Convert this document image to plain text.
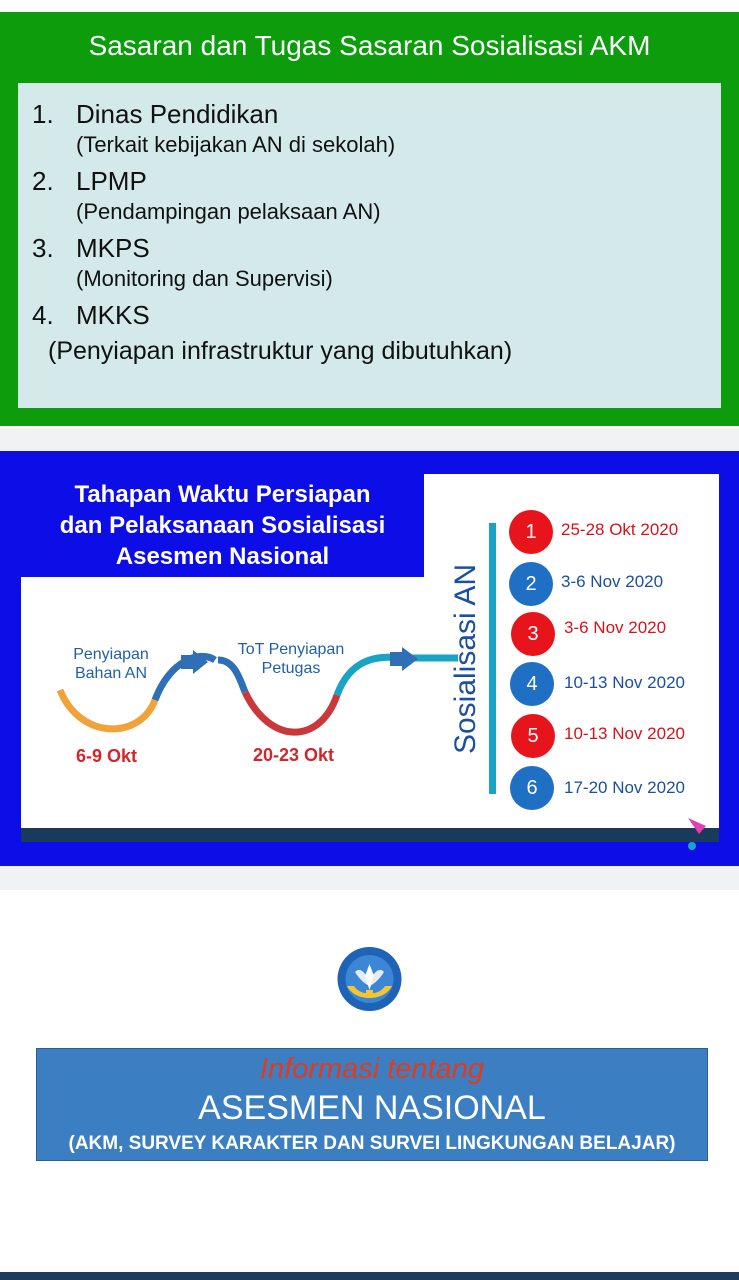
Sasaran dan Tugas Sasaran Sosialisasi AKM
1. Dinas Pendidikan
(Terkait kebijakan AN di sekolah)
2. LPMP
(Pendampingan pelaksaan AN)
3. MKPS
(Monitoring dan Supervisi)
4. MKKS
(Penyiapan infrastruktur yang dibutuhkan)
Tahapan Waktu Persiapan
dan Pelaksanaan Sosialisasi
Asesmen Nasional
Sosialisasi AN
Penyiapan
Bahan AN
6-9 Okt
ToT Penyiapan
Petugas
20-23 Okt
1	25-28 Okt 2020
2	3-6 Nov 2020
3	3-6 Nov 2020
4	10-13 Nov 2020
5	10-13 Nov 2020
6	17-20 Nov 2020
Informasi tentang
ASESMEN NASIONAL
(AKM, SURVEY KARAKTER DAN SURVEI LINGKUNGAN BELAJAR)
